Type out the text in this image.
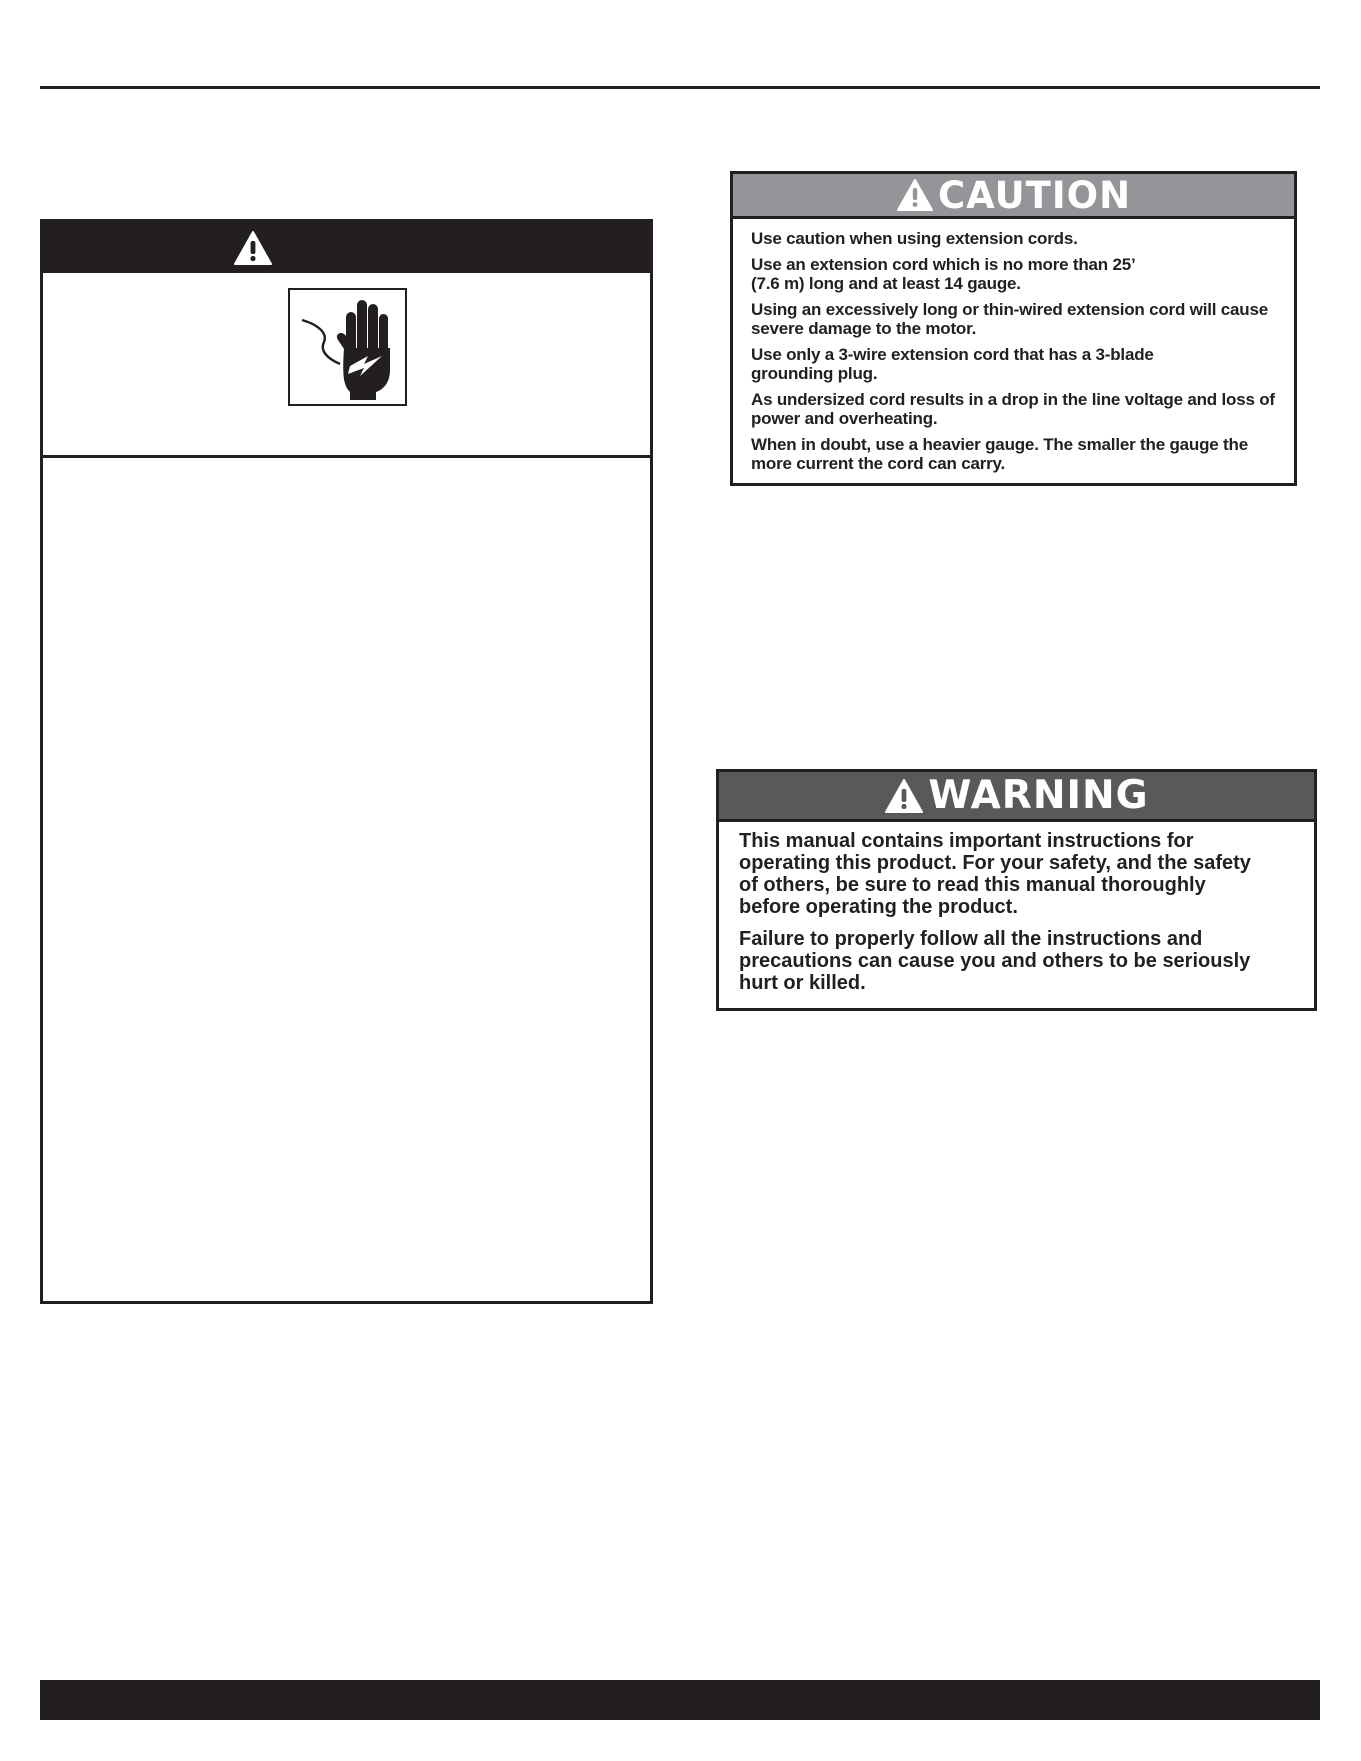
CAUTION

Use caution when using extension cords.

Use an extension cord which is no more than 25’ (7.6 m) long and at least 14 gauge.

Using an excessively long or thin-wired extension cord will cause severe damage to the motor.

Use only a 3-wire extension cord that has a 3-blade grounding plug.

As undersized cord results in a drop in the line voltage and loss of power and overheating.

When in doubt, use a heavier gauge. The smaller the gauge the more current the cord can carry.

WARNING

This manual contains important instructions for operating this product. For your safety, and the safety of others, be sure to read this manual thoroughly before operating the product.

Failure to properly follow all the instructions and precautions can cause you and others to be seriously hurt or killed.
